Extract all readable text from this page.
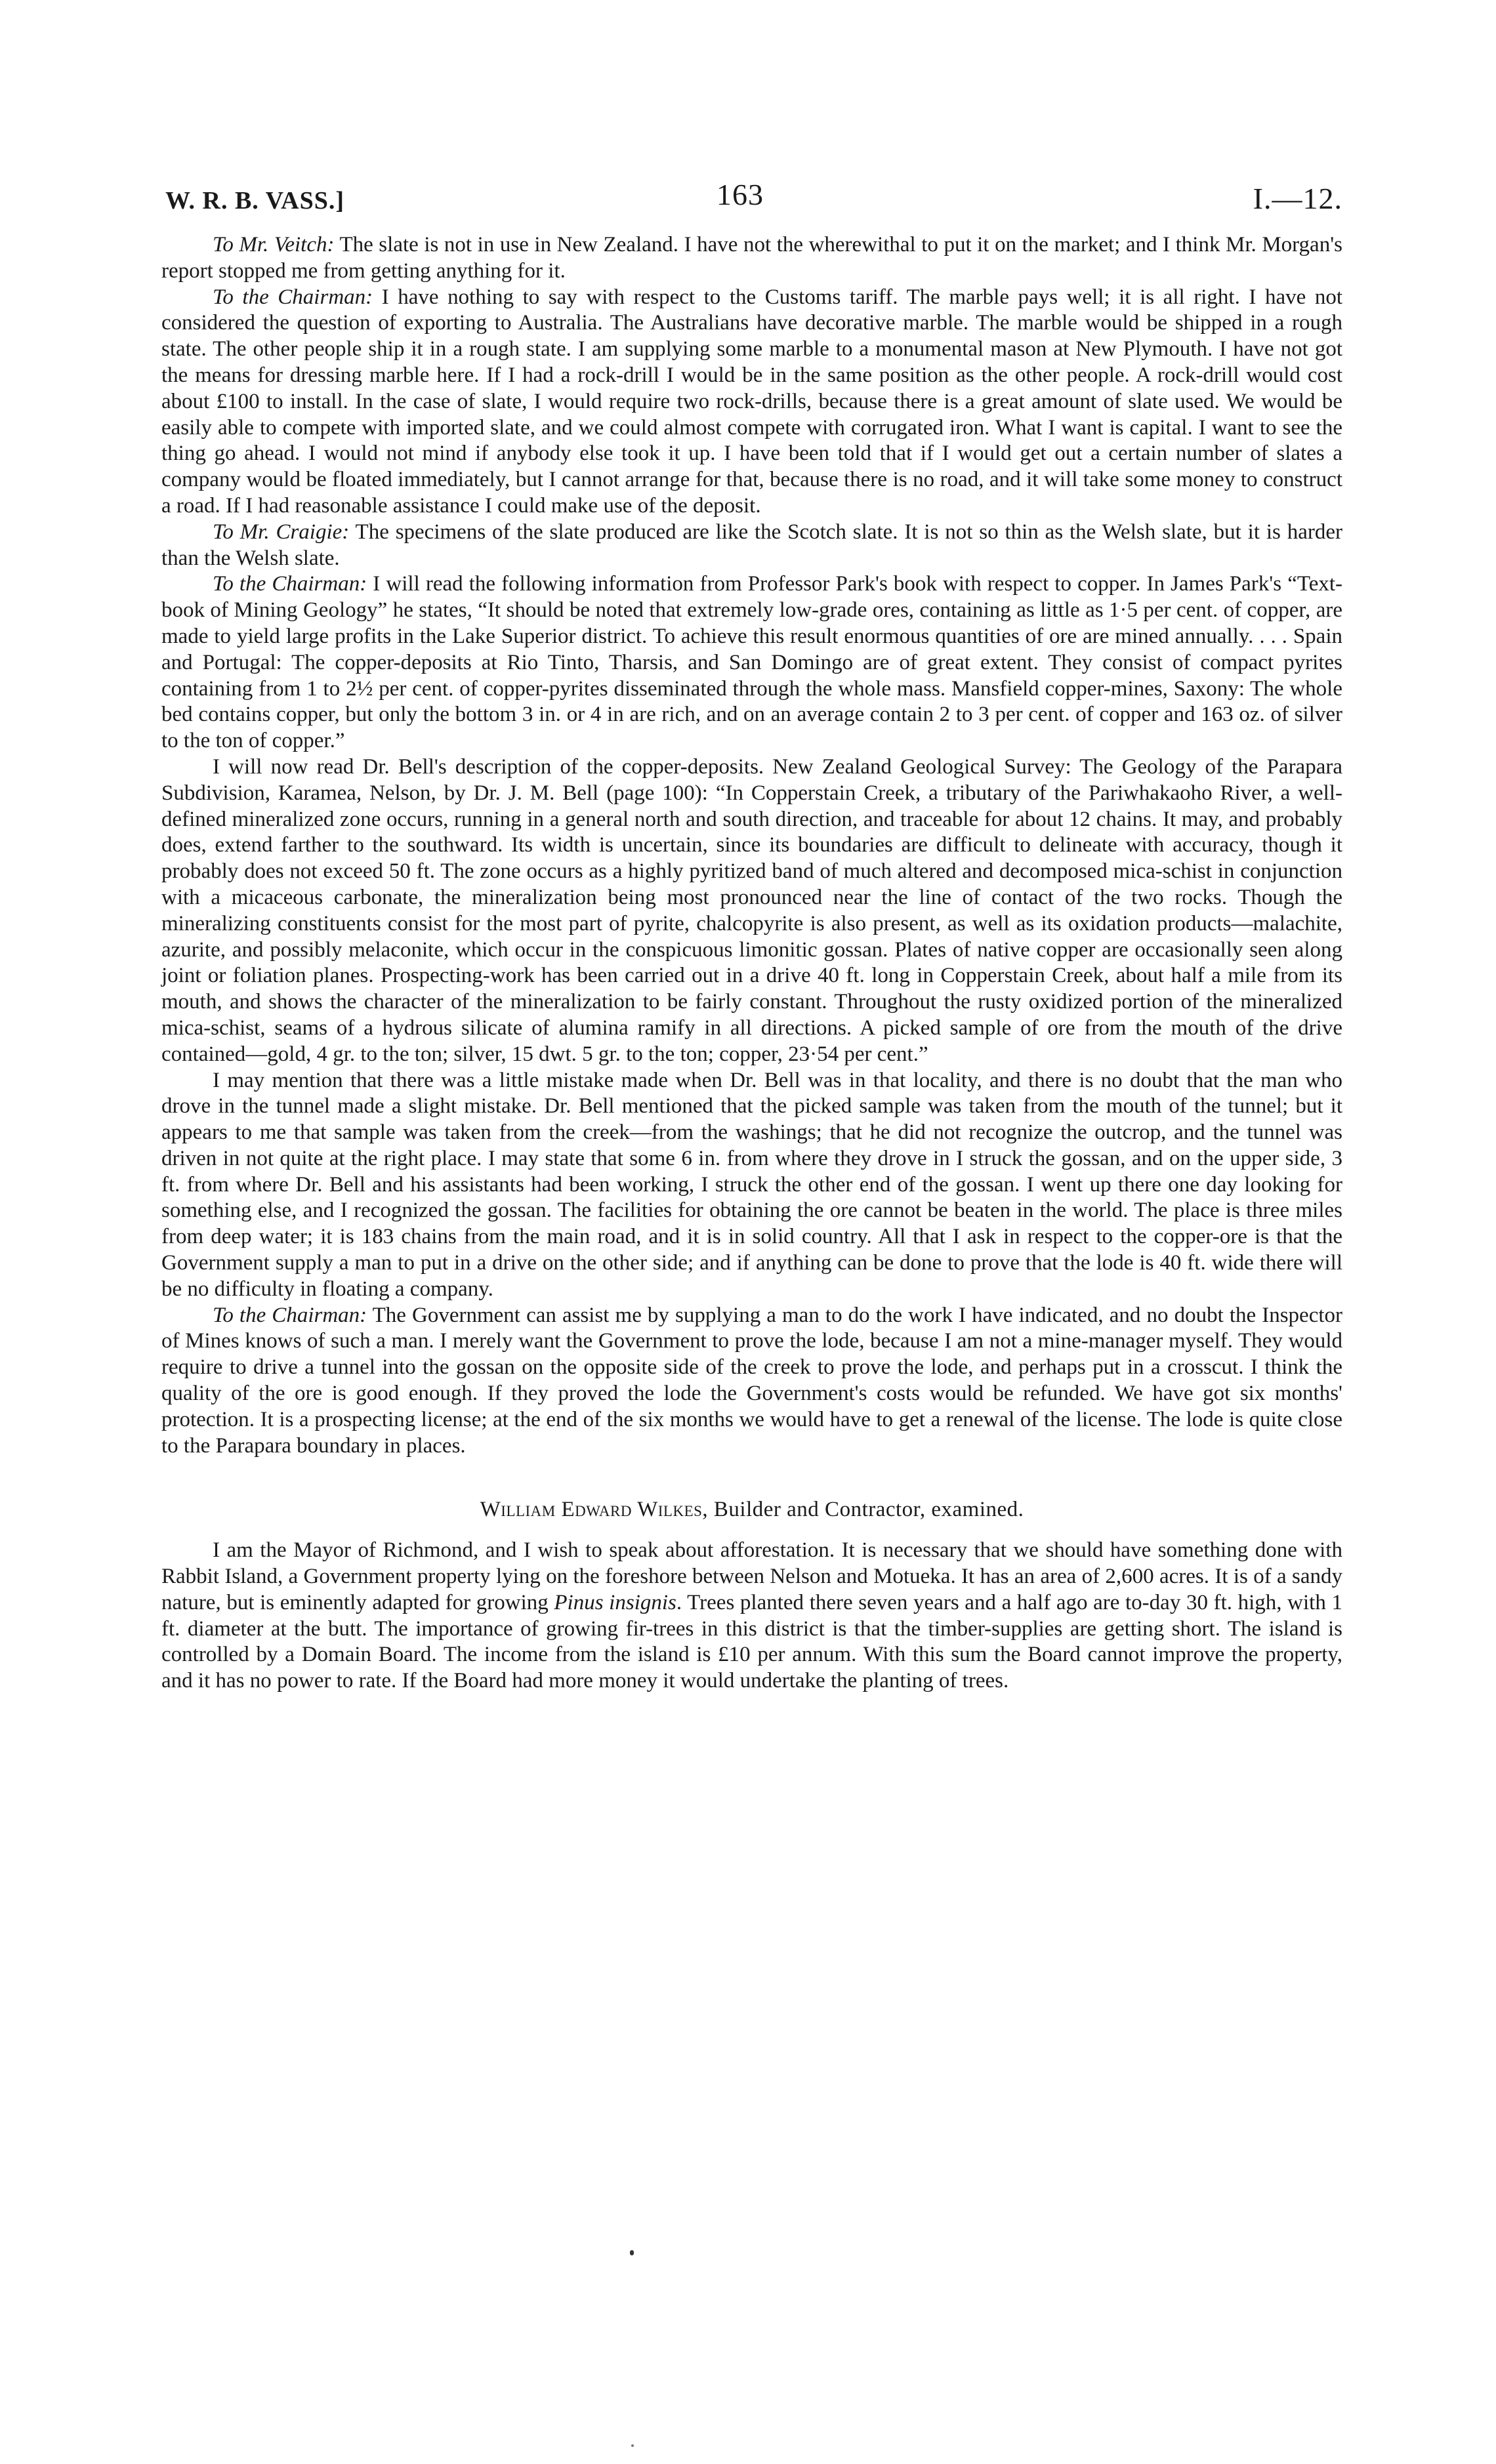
W. R. B. VASS.]	163	I.—12.

To Mr. Veitch: The slate is not in use in New Zealand. I have not the wherewithal to put it on the market; and I think Mr. Morgan's report stopped me from getting anything for it.

To the Chairman: I have nothing to say with respect to the Customs tariff. The marble pays well; it is all right. I have not considered the question of exporting to Australia. The Australians have decorative marble. The marble would be shipped in a rough state. The other people ship it in a rough state. I am supplying some marble to a monumental mason at New Plymouth. I have not got the means for dressing marble here. If I had a rock-drill I would be in the same position as the other people. A rock-drill would cost about £100 to install. In the case of slate, I would require two rock-drills, because there is a great amount of slate used. We would be easily able to compete with imported slate, and we could almost compete with corrugated iron. What I want is capital. I want to see the thing go ahead. I would not mind if anybody else took it up. I have been told that if I would get out a certain number of slates a company would be floated immediately, but I cannot arrange for that, because there is no road, and it will take some money to construct a road. If I had reasonable assistance I could make use of the deposit.

To Mr. Craigie: The specimens of the slate produced are like the Scotch slate. It is not so thin as the Welsh slate, but it is harder than the Welsh slate.

To the Chairman: I will read the following information from Professor Park's book with respect to copper. In James Park's “Text-book of Mining Geology” he states, “It should be noted that extremely low-grade ores, containing as little as 1·5 per cent. of copper, are made to yield large profits in the Lake Superior district. To achieve this result enormous quantities of ore are mined annually. . . . Spain and Portugal: The copper-deposits at Rio Tinto, Tharsis, and San Domingo are of great extent. They consist of compact pyrites containing from 1 to 2½ per cent. of copper-pyrites disseminated through the whole mass. Mansfield copper-mines, Saxony: The whole bed contains copper, but only the bottom 3 in. or 4 in are rich, and on an average contain 2 to 3 per cent. of copper and 163 oz. of silver to the ton of copper.”

I will now read Dr. Bell's description of the copper-deposits. New Zealand Geological Survey: The Geology of the Parapara Subdivision, Karamea, Nelson, by Dr. J. M. Bell (page 100): “In Copperstain Creek, a tributary of the Pariwhakaoho River, a well-defined mineralized zone occurs, running in a general north and south direction, and traceable for about 12 chains. It may, and probably does, extend farther to the southward. Its width is uncertain, since its boundaries are difficult to delineate with accuracy, though it probably does not exceed 50 ft. The zone occurs as a highly pyritized band of much altered and decomposed mica-schist in conjunction with a micaceous carbonate, the mineralization being most pronounced near the line of contact of the two rocks. Though the mineralizing constituents consist for the most part of pyrite, chalcopyrite is also present, as well as its oxidation products—malachite, azurite, and possibly melaconite, which occur in the conspicuous limonitic gossan. Plates of native copper are occasionally seen along joint or foliation planes. Prospecting-work has been carried out in a drive 40 ft. long in Copperstain Creek, about half a mile from its mouth, and shows the character of the mineralization to be fairly constant. Throughout the rusty oxidized portion of the mineralized mica-schist, seams of a hydrous silicate of alumina ramify in all directions. A picked sample of ore from the mouth of the drive contained—gold, 4 gr. to the ton; silver, 15 dwt. 5 gr. to the ton; copper, 23·54 per cent.”

I may mention that there was a little mistake made when Dr. Bell was in that locality, and there is no doubt that the man who drove in the tunnel made a slight mistake. Dr. Bell mentioned that the picked sample was taken from the mouth of the tunnel; but it appears to me that sample was taken from the creek—from the washings; that he did not recognize the outcrop, and the tunnel was driven in not quite at the right place. I may state that some 6 in. from where they drove in I struck the gossan, and on the upper side, 3 ft. from where Dr. Bell and his assistants had been working, I struck the other end of the gossan. I went up there one day looking for something else, and I recognized the gossan. The facilities for obtaining the ore cannot be beaten in the world. The place is three miles from deep water; it is 183 chains from the main road, and it is in solid country. All that I ask in respect to the copper-ore is that the Government supply a man to put in a drive on the other side; and if anything can be done to prove that the lode is 40 ft. wide there will be no difficulty in floating a company.

To the Chairman: The Government can assist me by supplying a man to do the work I have indicated, and no doubt the Inspector of Mines knows of such a man. I merely want the Government to prove the lode, because I am not a mine-manager myself. They would require to drive a tunnel into the gossan on the opposite side of the creek to prove the lode, and perhaps put in a crosscut. I think the quality of the ore is good enough. If they proved the lode the Government's costs would be refunded. We have got six months' protection. It is a prospecting license; at the end of the six months we would have to get a renewal of the license. The lode is quite close to the Parapara boundary in places.

William Edward Wilkes, Builder and Contractor, examined.

I am the Mayor of Richmond, and I wish to speak about afforestation. It is necessary that we should have something done with Rabbit Island, a Government property lying on the foreshore between Nelson and Motueka. It has an area of 2,600 acres. It is of a sandy nature, but is eminently adapted for growing Pinus insignis. Trees planted there seven years and a half ago are to-day 30 ft. high, with 1 ft. diameter at the butt. The importance of growing fir-trees in this district is that the timber-supplies are getting short. The island is controlled by a Domain Board. The income from the island is £10 per annum. With this sum the Board cannot improve the property, and it has no power to rate. If the Board had more money it would undertake the planting of trees.
